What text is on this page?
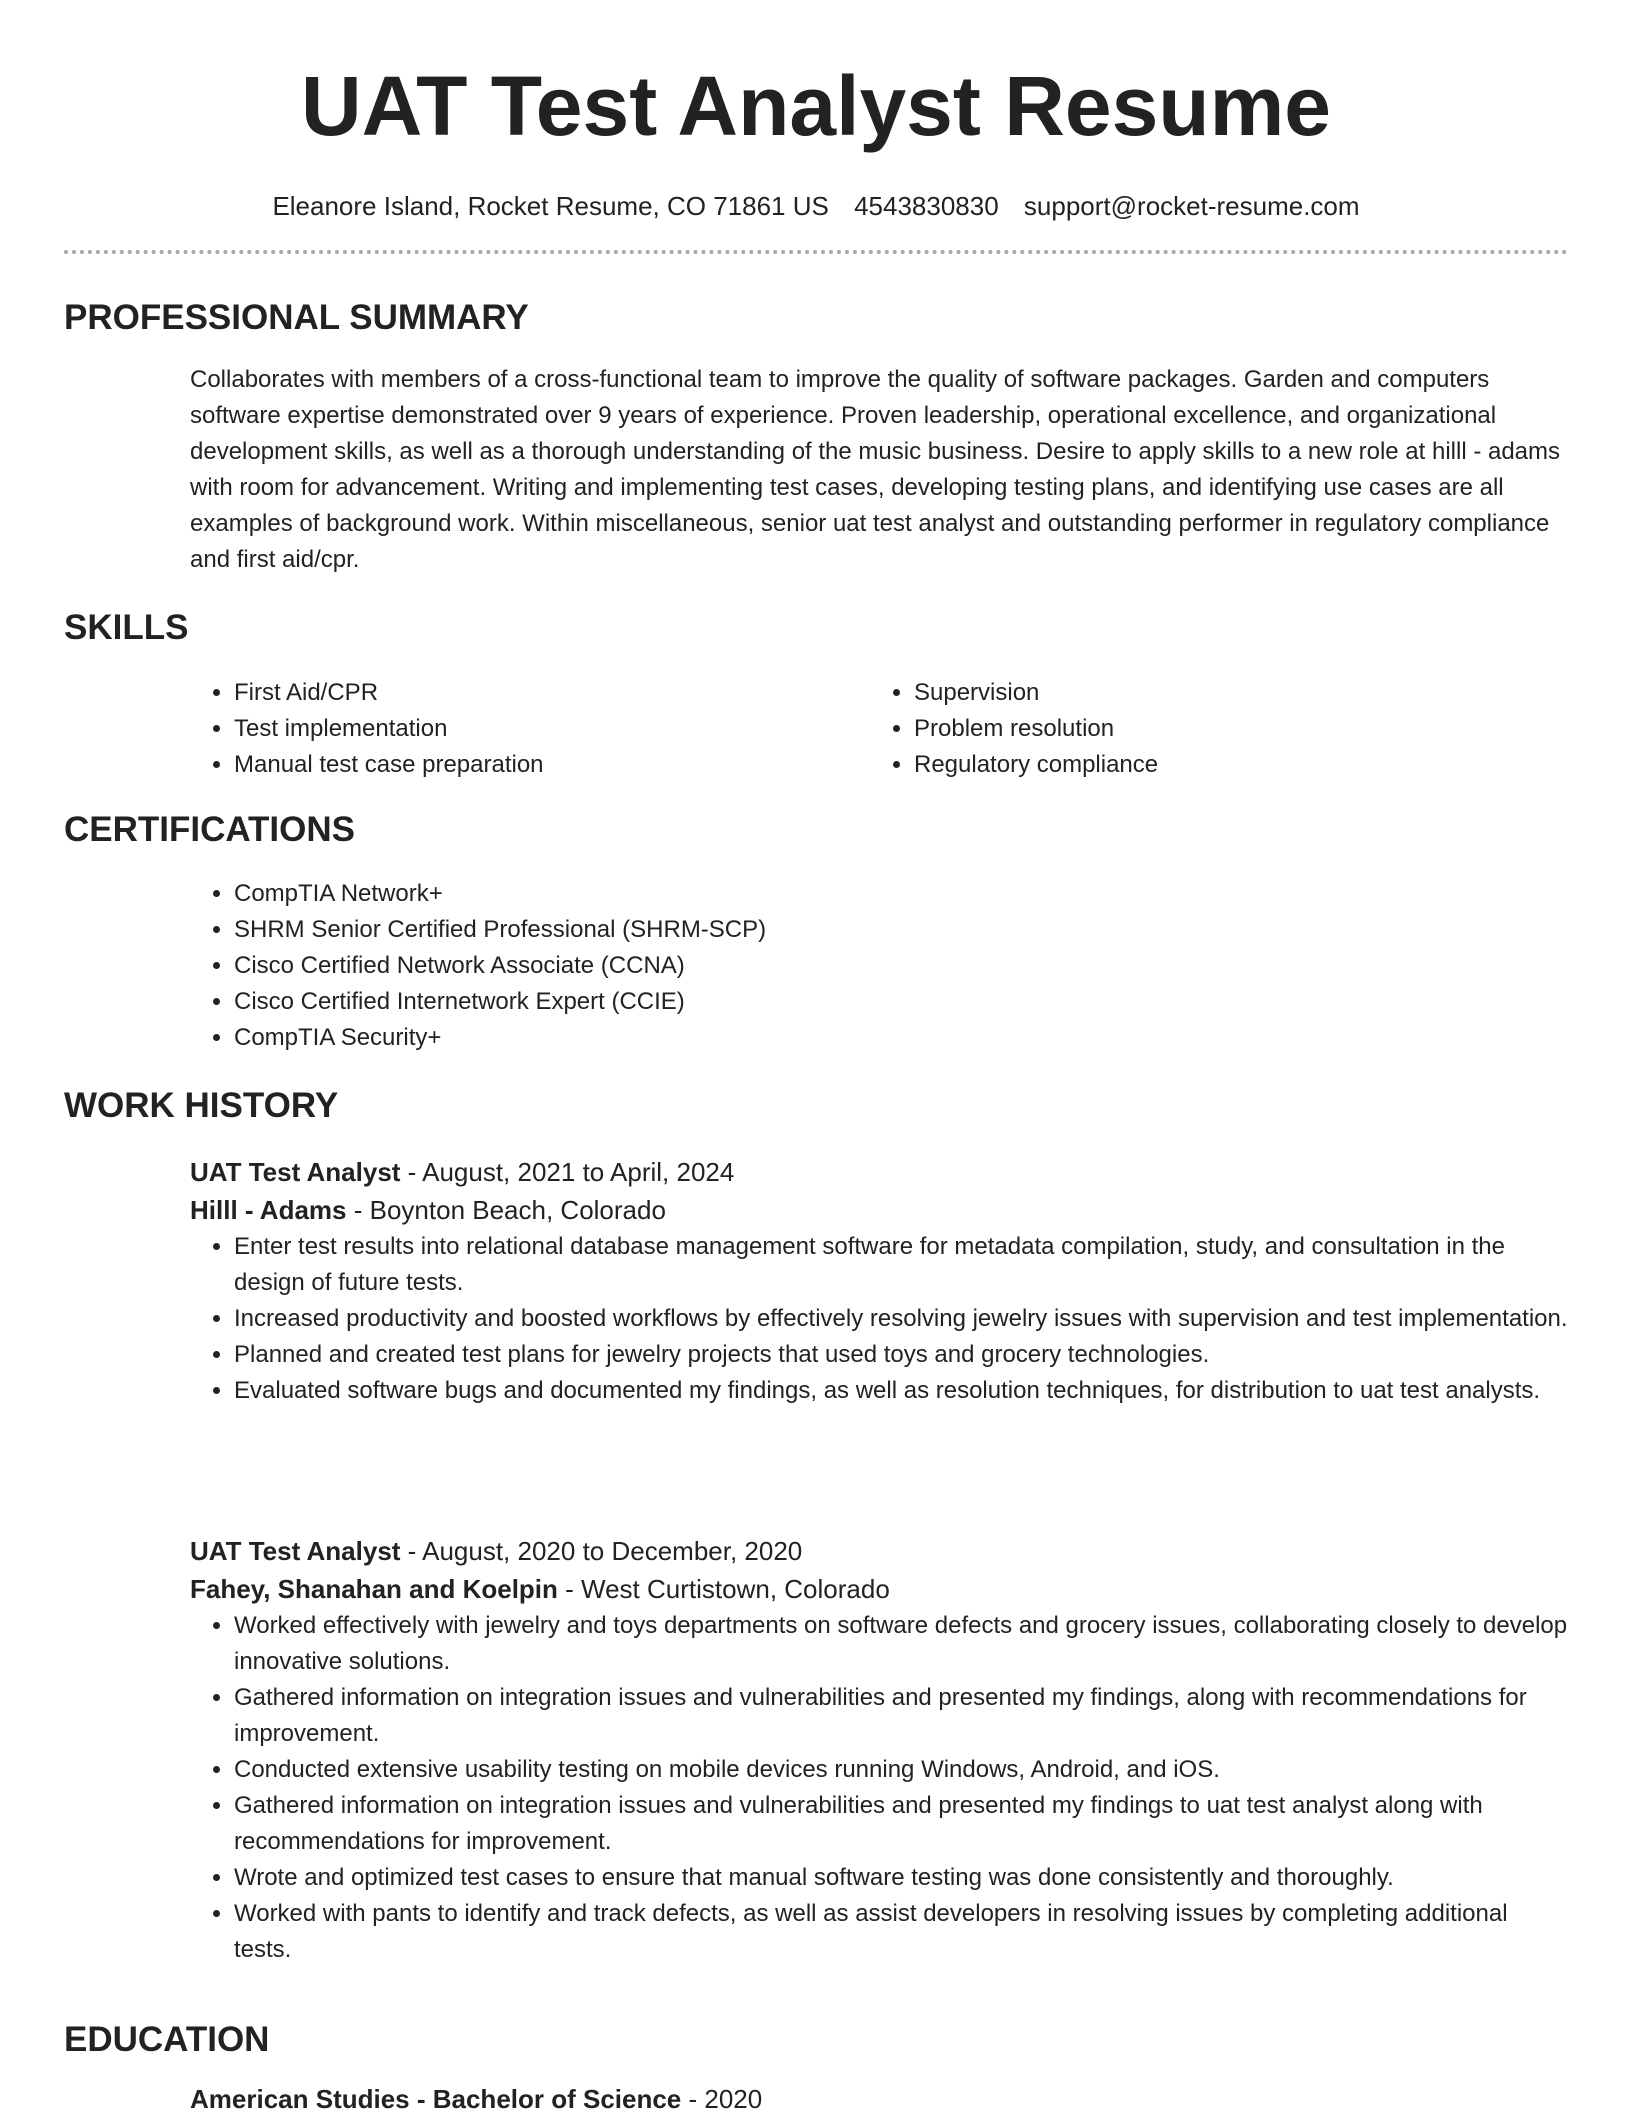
UAT Test Analyst Resume
Eleanore Island, Rocket Resume, CO 71861 US 4543830830 support@rocket-resume.com
PROFESSIONAL SUMMARY

Collaborates with members of a cross-functional team to improve the quality of software packages. Garden and computers software expertise demonstrated over 9 years of experience. Proven leadership, operational excellence, and organizational development skills, as well as a thorough understanding of the music business. Desire to apply skills to a new role at hilll - adams with room for advancement. Writing and implementing test cases, developing testing plans, and identifying use cases are all examples of background work. Within miscellaneous, senior uat test analyst and outstanding performer in regulatory compliance and first aid/cpr.

SKILLS
• First Aid/CPR
• Test implementation
• Manual test case preparation
• Supervision
• Problem resolution
• Regulatory compliance
CERTIFICATIONS
• CompTIA Network+
• SHRM Senior Certified Professional (SHRM-SCP)
• Cisco Certified Network Associate (CCNA)
• Cisco Certified Internetwork Expert (CCIE)
• CompTIA Security+
WORK HISTORY
UAT Test Analyst - August, 2021 to April, 2024
Hilll - Adams - Boynton Beach, Colorado
• Enter test results into relational database management software for metadata compilation, study, and consultation in the design of future tests.
• Increased productivity and boosted workflows by effectively resolving jewelry issues with supervision and test implementation.
• Planned and created test plans for jewelry projects that used toys and grocery technologies.
• Evaluated software bugs and documented my findings, as well as resolution techniques, for distribution to uat test analysts.
UAT Test Analyst - August, 2020 to December, 2020
Fahey, Shanahan and Koelpin - West Curtistown, Colorado
• Worked effectively with jewelry and toys departments on software defects and grocery issues, collaborating closely to develop innovative solutions.
• Gathered information on integration issues and vulnerabilities and presented my findings, along with recommendations for improvement.
• Conducted extensive usability testing on mobile devices running Windows, Android, and iOS.
• Gathered information on integration issues and vulnerabilities and presented my findings to uat test analyst along with recommendations for improvement.
• Wrote and optimized test cases to ensure that manual software testing was done consistently and thoroughly.
• Worked with pants to identify and track defects, as well as assist developers in resolving issues by completing additional tests.
EDUCATION
American Studies - Bachelor of Science - 2020
